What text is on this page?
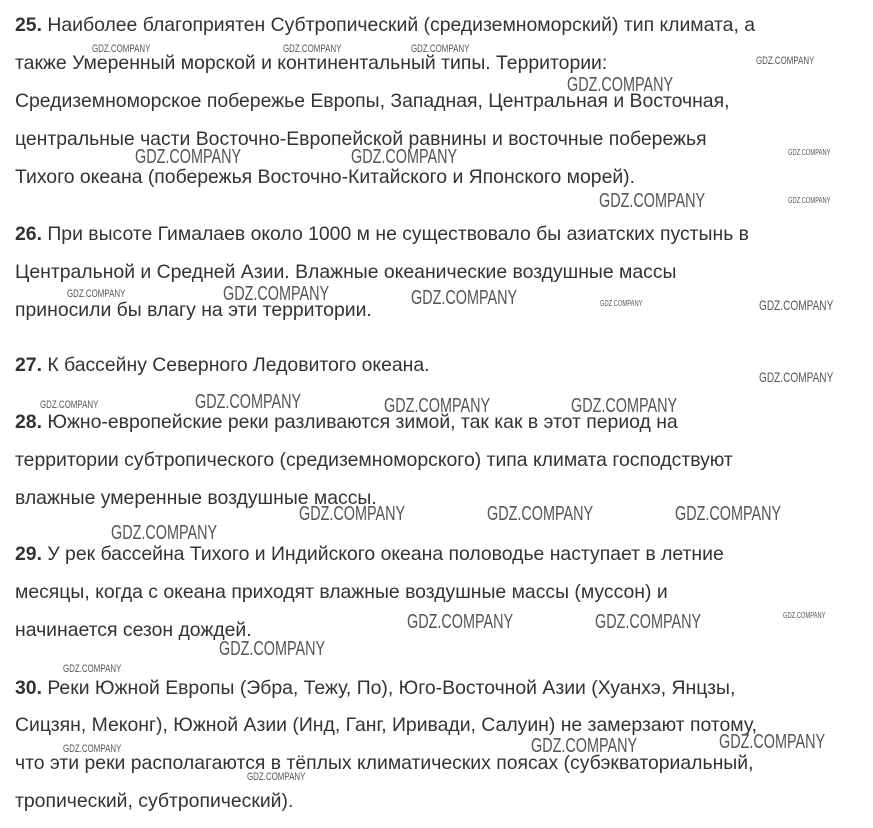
25. Наиболее благоприятен Субтропический (средиземноморский) тип климата, а
также Умеренный морской и континентальный типы. Территории:
Средиземноморское побережье Европы, Западная, Центральная и Восточная,
центральные части Восточно-Европейской равнины и восточные побережья
Тихого океана (побережья Восточно-Китайского и Японского морей).
26. При высоте Гималаев около 1000 м не существовало бы азиатских пустынь в
Центральной и Средней Азии. Влажные океанические воздушные массы
приносили бы влагу на эти территории.
27. К бассейну Северного Ледовитого океана.
28. Южно-европейские реки разливаются зимой, так как в этот период на
территории субтропического (средиземноморского) типа климата господствуют
влажные умеренные воздушные массы.
29. У рек бассейна Тихого и Индийского океана половодье наступает в летние
месяцы, когда с океана приходят влажные воздушные массы (муссон) и
начинается сезон дождей.
30. Реки Южной Европы (Эбра, Тежу, По), Юго-Восточной Азии (Хуанхэ, Янцзы,
Сицзян, Меконг), Южной Азии (Инд, Ганг, Иривади, Салуин) не замерзают потому,
что эти реки располагаются в тёплых климатических поясах (субэкваториальный,
тропический, субтропический).
GDZ.COMPANY	GDZ.COMPANY	GDZ.COMPANY
GDZ.COMPANY
GDZ.COMPANY
GDZ.COMPANY	GDZ.COMPANY	GDZ.COMPANY
GDZ.COMPANY	GDZ.COMPANY
GDZ.COMPANY	GDZ.COMPANY	GDZ.COMPANY	GDZ.COMPANY	GDZ.COMPANY
GDZ.COMPANY
GDZ.COMPANY	GDZ.COMPANY	GDZ.COMPANY	GDZ.COMPANY
GDZ.COMPANY	GDZ.COMPANY	GDZ.COMPANY
GDZ.COMPANY
GDZ.COMPANY
GDZ.COMPANY	GDZ.COMPANY
GDZ.COMPANY
GDZ.COMPANY
GDZ.COMPANY
GDZ.COMPANY
GDZ.COMPANY
GDZ.COMPANY
